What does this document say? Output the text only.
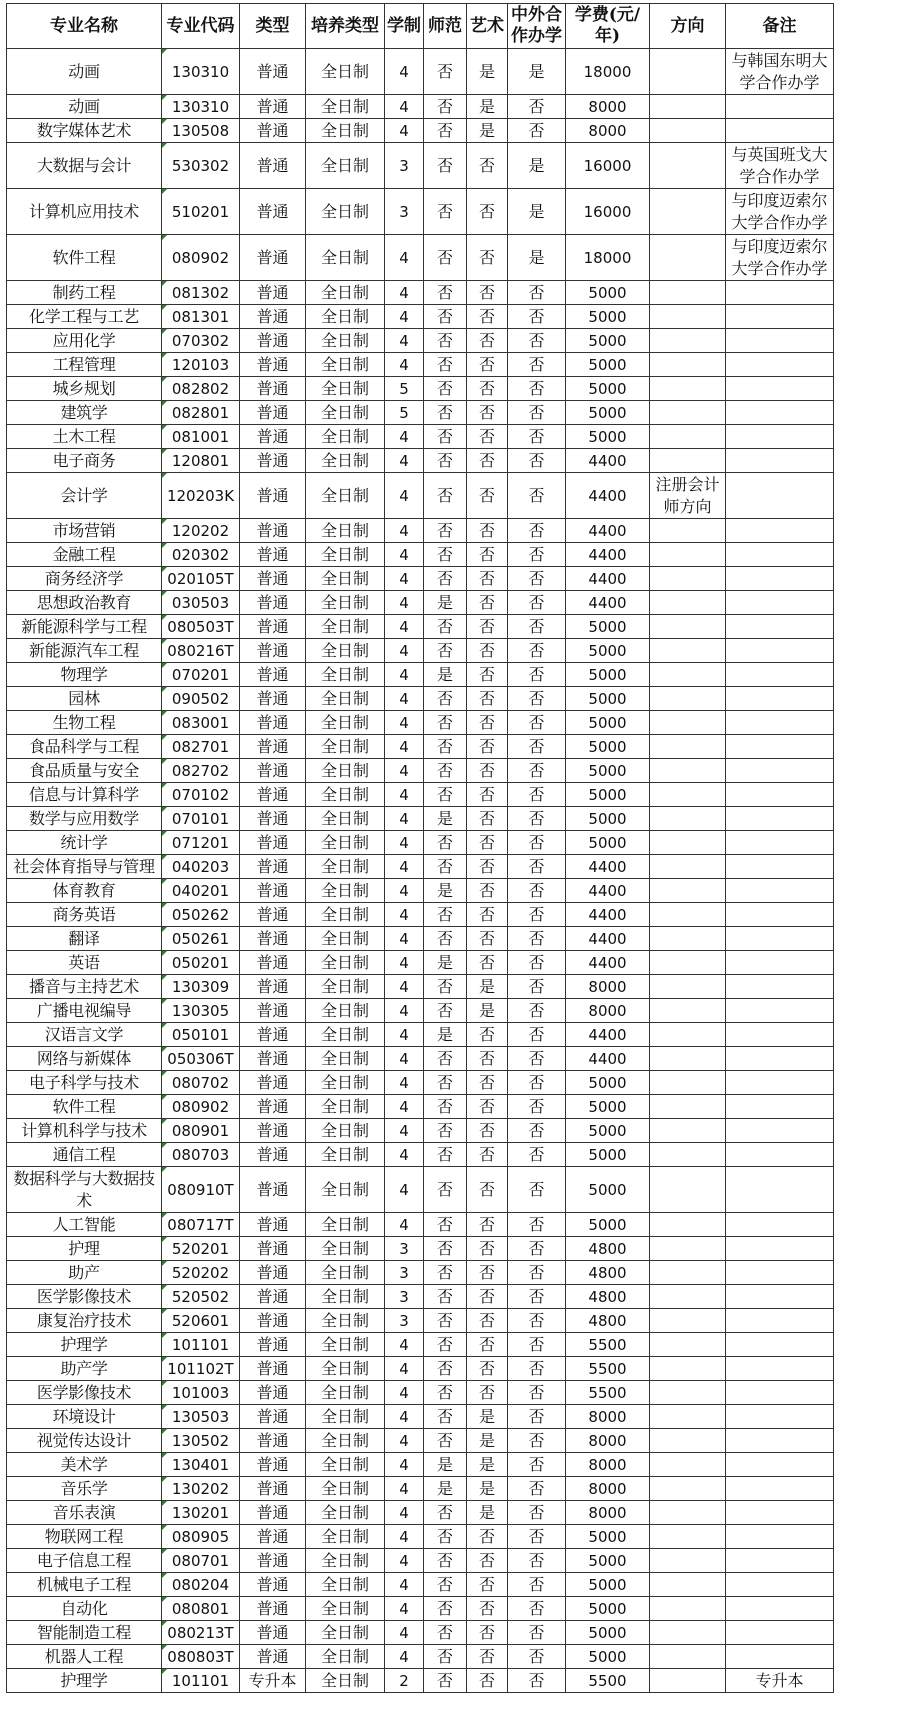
专业名称	专业代码	类型	培养类型	学制	师范	艺术	中外合作办学	学费(元/年)	方向	备注
动画	130310	普通	全日制	4	否	是	是	18000		与韩国东明大学合作办学
动画	130310	普通	全日制	4	否	是	否	8000		
数字媒体艺术	130508	普通	全日制	4	否	是	否	8000		
大数据与会计	530302	普通	全日制	3	否	否	是	16000		与英国班戈大学合作办学
计算机应用技术	510201	普通	全日制	3	否	否	是	16000		与印度迈索尔大学合作办学
软件工程	080902	普通	全日制	4	否	否	是	18000		与印度迈索尔大学合作办学
制药工程	081302	普通	全日制	4	否	否	否	5000		
化学工程与工艺	081301	普通	全日制	4	否	否	否	5000		
应用化学	070302	普通	全日制	4	否	否	否	5000		
工程管理	120103	普通	全日制	4	否	否	否	5000		
城乡规划	082802	普通	全日制	5	否	否	否	5000		
建筑学	082801	普通	全日制	5	否	否	否	5000		
土木工程	081001	普通	全日制	4	否	否	否	5000		
电子商务	120801	普通	全日制	4	否	否	否	4400		
会计学	120203K	普通	全日制	4	否	否	否	4400	注册会计师方向	
市场营销	120202	普通	全日制	4	否	否	否	4400		
金融工程	020302	普通	全日制	4	否	否	否	4400		
商务经济学	020105T	普通	全日制	4	否	否	否	4400		
思想政治教育	030503	普通	全日制	4	是	否	否	4400		
新能源科学与工程	080503T	普通	全日制	4	否	否	否	5000		
新能源汽车工程	080216T	普通	全日制	4	否	否	否	5000		
物理学	070201	普通	全日制	4	是	否	否	5000		
园林	090502	普通	全日制	4	否	否	否	5000		
生物工程	083001	普通	全日制	4	否	否	否	5000		
食品科学与工程	082701	普通	全日制	4	否	否	否	5000		
食品质量与安全	082702	普通	全日制	4	否	否	否	5000		
信息与计算科学	070102	普通	全日制	4	否	否	否	5000		
数学与应用数学	070101	普通	全日制	4	是	否	否	5000		
统计学	071201	普通	全日制	4	否	否	否	5000		
社会体育指导与管理	040203	普通	全日制	4	否	否	否	4400		
体育教育	040201	普通	全日制	4	是	否	否	4400		
商务英语	050262	普通	全日制	4	否	否	否	4400		
翻译	050261	普通	全日制	4	否	否	否	4400		
英语	050201	普通	全日制	4	是	否	否	4400		
播音与主持艺术	130309	普通	全日制	4	否	是	否	8000		
广播电视编导	130305	普通	全日制	4	否	是	否	8000		
汉语言文学	050101	普通	全日制	4	是	否	否	4400		
网络与新媒体	050306T	普通	全日制	4	否	否	否	4400		
电子科学与技术	080702	普通	全日制	4	否	否	否	5000		
软件工程	080902	普通	全日制	4	否	否	否	5000		
计算机科学与技术	080901	普通	全日制	4	否	否	否	5000		
通信工程	080703	普通	全日制	4	否	否	否	5000		
数据科学与大数据技术	080910T	普通	全日制	4	否	否	否	5000		
人工智能	080717T	普通	全日制	4	否	否	否	5000		
护理	520201	普通	全日制	3	否	否	否	4800		
助产	520202	普通	全日制	3	否	否	否	4800		
医学影像技术	520502	普通	全日制	3	否	否	否	4800		
康复治疗技术	520601	普通	全日制	3	否	否	否	4800		
护理学	101101	普通	全日制	4	否	否	否	5500		
助产学	101102T	普通	全日制	4	否	否	否	5500		
医学影像技术	101003	普通	全日制	4	否	否	否	5500		
环境设计	130503	普通	全日制	4	否	是	否	8000		
视觉传达设计	130502	普通	全日制	4	否	是	否	8000		
美术学	130401	普通	全日制	4	是	是	否	8000		
音乐学	130202	普通	全日制	4	是	是	否	8000		
音乐表演	130201	普通	全日制	4	否	是	否	8000		
物联网工程	080905	普通	全日制	4	否	否	否	5000		
电子信息工程	080701	普通	全日制	4	否	否	否	5000		
机械电子工程	080204	普通	全日制	4	否	否	否	5000		
自动化	080801	普通	全日制	4	否	否	否	5000		
智能制造工程	080213T	普通	全日制	4	否	否	否	5000		
机器人工程	080803T	普通	全日制	4	否	否	否	5000		
护理学	101101	专升本	全日制	2	否	否	否	5500		专升本
